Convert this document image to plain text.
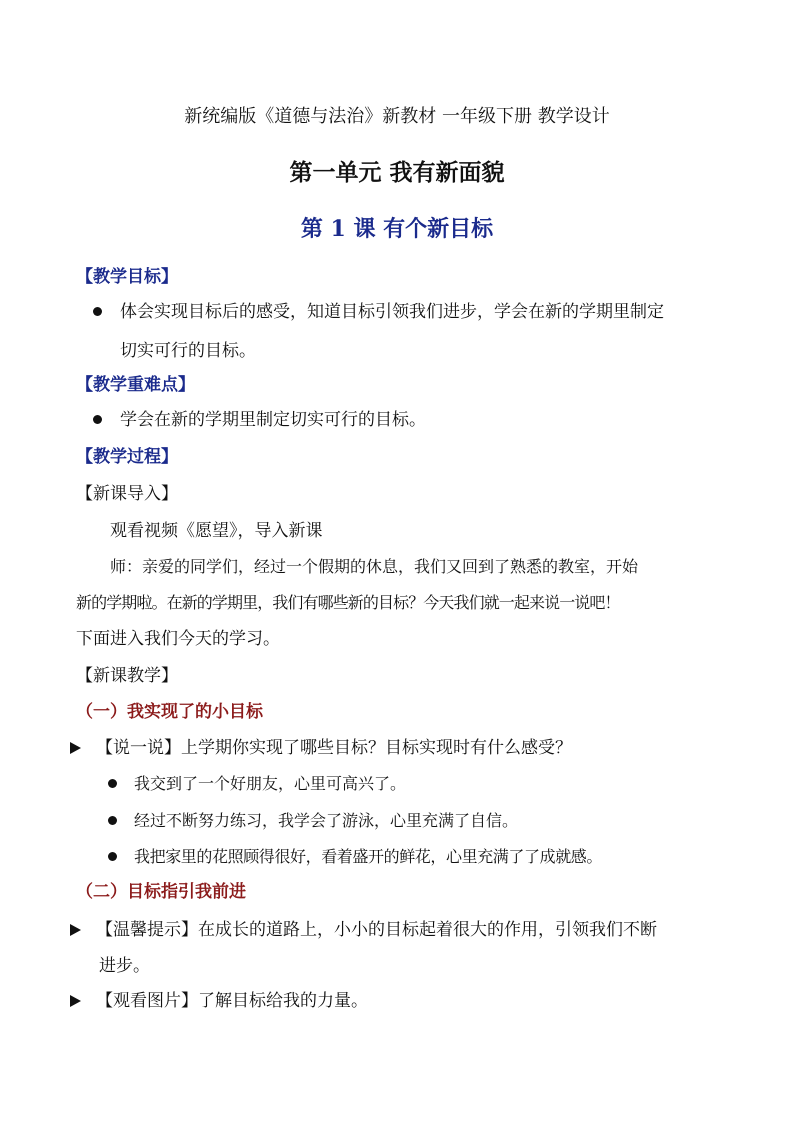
新统编版《道德与法治》新教材 一年级下册 教学设计
第一单元 我有新面貌
第 1 课 有个新目标
【教学目标】
体会实现目标后的感受，知道目标引领我们进步，学会在新的学期里制定
切实可行的目标。
【教学重难点】
学会在新的学期里制定切实可行的目标。
【教学过程】
【新课导入】
观看视频《愿望》，导入新课
师：亲爱的同学们，经过一个假期的休息，我们又回到了熟悉的教室，开始
新的学期啦。在新的学期里，我们有哪些新的目标？今天我们就一起来说一说吧！
下面进入我们今天的学习。
【新课教学】
（一）我实现了的小目标
【说一说】上学期你实现了哪些目标？目标实现时有什么感受？
我交到了一个好朋友，心里可高兴了。
经过不断努力练习，我学会了游泳，心里充满了自信。
我把家里的花照顾得很好，看着盛开的鲜花，心里充满了了成就感。
（二）目标指引我前进
【温馨提示】在成长的道路上，小小的目标起着很大的作用，引领我们不断
进步。
【观看图片】了解目标给我的力量。
